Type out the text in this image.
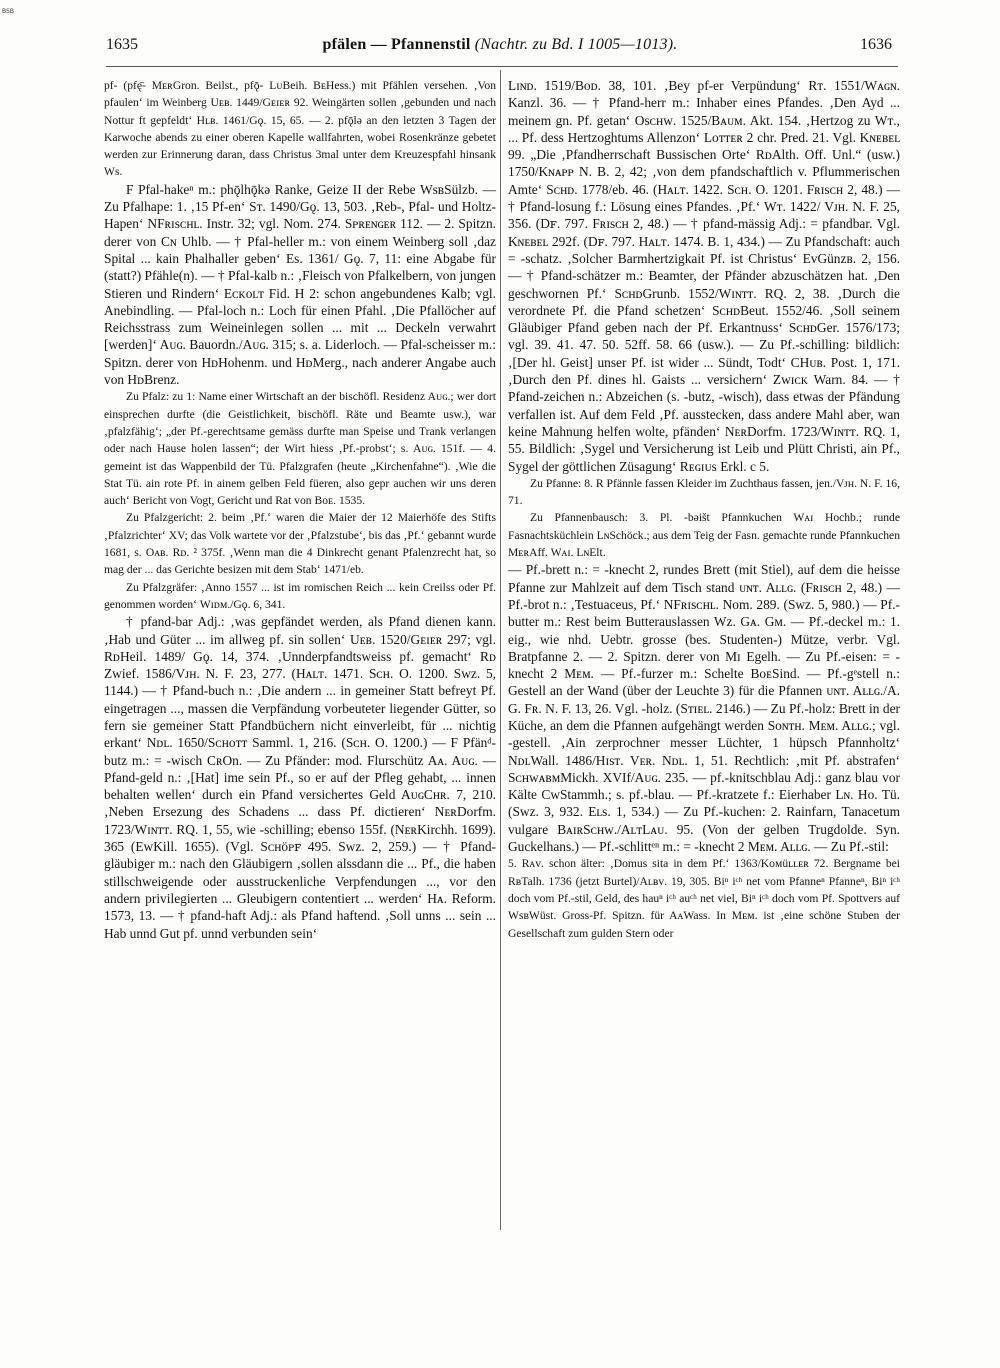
BSB
1635	pfälen — Pfannenstil (Nachtr. zu Bd. I 1005—1013).	1636

pf- (pfę̄- MᴇʀGron. Beilst., pfǭ- LᴜBeih. BᴇHess.) mit Pfählen versehen. ‚Von pfaulen‘ im Weinberg Uᴇʙ. 1449/Gᴇɪᴇʀ 92. Weingärten sollen ‚gebunden und nach Nottur ft gepfeldt‘ Hʟʙ. 1461/Gǫ. 15, 65. — 2. pfǭlə an den letzten 3 Tagen der Karwoche abends zu einer oberen Kapelle wallfahrten, wobei Rosenkränze gebetet werden zur Erinnerung daran, dass Christus 3mal unter dem Kreuzespfahl hinsank Ws.

F Pfal-hakeⁿ m.: phǭlhǭkə Ranke, Geize II der Rebe WsʙSülzb. — Zu Pfalhape: 1. ‚15 Pf-en‘ Sᴛ. 1490/Gǫ. 13, 503. ‚Reb-, Pfal- und Holtz-Hapen‘ NFʀɪsᴄʜʟ. Instr. 32; vgl. Nom. 274. Sᴘʀᴇɴɢᴇʀ 112. — 2. Spitzn. derer von Cɴ Uhlb. — † Pfal-heller m.: von einem Weinberg soll ‚daz Spital ... kain Phalhaller geben‘ Es. 1361/ Gǫ. 7, 11: eine Abgabe für (statt?) Pfähle(n). — † Pfal-kalb n.: ‚Fleisch von Pfalkelbern, von jungen Stieren und Rindern‘ Eᴄᴋᴏʟᴛ Fid. H 2: schon angebundenes Kalb; vgl. Anebindling. — Pfal-loch n.: Loch für einen Pfahl. ‚Die Pfallöcher auf Reichsstrass zum Weineinlegen sollen ... mit ... Deckeln verwahrt [werden]‘ Aᴜɢ. Bauordn./Aᴜɢ. 315; s. a. Liderloch. — Pfal-scheisser m.: Spitzn. derer von HᴅHohenm. und HᴅMerg., nach anderer Angabe auch von HᴅBrenz.

Zu Pfalz: zu 1: Name einer Wirtschaft an der bischöfl. Residenz Aᴜɢ.; wer dort einsprechen durfte (die Geistlichkeit, bischöfl. Räte und Beamte usw.), war ‚pfalzfähig‘; „der Pf.-gerechtsame gemäss durfte man Speise und Trank verlangen oder nach Hause holen lassen“; der Wirt hiess ‚Pf.-probst‘; s. Aᴜɢ. 151f. — 4. gemeint ist das Wappenbild der Tü. Pfalzgrafen (heute „Kirchenfahne“). ‚Wie die Stat Tü. ain rote Pf. in ainem gelben Feld füeren, also gepr auchen wir uns deren auch‘ Bericht von Vogt, Gericht und Rat von Bᴏᴇ. 1535.

Zu Pfalzgericht: 2. beim ‚Pf.‘ waren die Maier der 12 Maierhöfe des Stifts ‚Pfalzrichter‘ XV; das Volk wartete vor der ‚Pfalzstube‘, bis das ‚Pf.‘ gebannt wurde 1681, s. Oᴀʙ. Rᴅ. ² 375f. ‚Wenn man die 4 Dinkrecht genant Pfalenzrecht hat, so mag der ... das Gerichte besizen mit dem Stab‘ 1471/eb.

Zu Pfalzgräfer: ‚Anno 1557 ... ist im romischen Reich ... kein Creilss oder Pf. genommen worden‘ Wɪᴅᴍ./Gǫ. 6, 341.

† pfand-bar Adj.: ‚was gepfändet werden, als Pfand dienen kann. ‚Hab und Güter ... im allweg pf. sin sollen‘ Uᴇʙ. 1520/Gᴇɪᴇʀ 297; vgl. RᴅHeil. 1489/ Gǫ. 14, 374. ‚Unnderpfandtsweiss pf. gemacht‘ Rᴅ Zwief. 1586/Vᴊʜ. N. F. 23, 277. (Hᴀʟᴛ. 1471. Sᴄʜ. O. 1200. Swz. 5, 1144.) — † Pfand-buch n.: ‚Die andern ... in gemeiner Statt befreyt Pf. eingetragen ..., massen die Verpfändung vorbeuteter liegender Gütter, so fern sie gemeiner Statt Pfandbüchern nicht einverleibt, für ... nichtig erkant‘ Nᴅʟ. 1650/Sᴄʜᴏᴛᴛ Samml. 1, 216. (Sᴄʜ. O. 1200.) — F Pfänᵈ-butz m.: = -wisch CʀOn. — Zu Pfänder: mod. Flurschütz Aᴀ. Aᴜɢ. — Pfand-geld n.: ‚[Hat] ime sein Pf., so er auf der Pfleg gehabt, ... innen behalten wellen‘ durch ein Pfand versichertes Geld AᴜɢCʜʀ. 7, 210. ‚Neben Ersezung des Schadens ... dass Pf. dictieren‘ NᴇʀDorfm. 1723/Wɪɴᴛᴛ. RQ. 1, 55, wie -schilling; ebenso 155f. (NᴇʀKirchh. 1699). 365 (EwKill. 1655). (Vgl. Sᴄʜöᴘꜰ 495. Swz. 2, 259.) — † Pfand-gläubiger m.: nach den Gläubigern ‚sollen alssdann die ... Pf., die haben stillschweigende oder ausstruckenliche Verpfendungen ..., vor den andern privilegierten ... Gleubigern contentiert ... werden‘ Hᴀ. Reform. 1573, 13. — † pfand-haft Adj.: als Pfand haftend. ‚Soll unns ... sein ... Hab unnd Gut pf. unnd verbunden sein‘

Lɪɴᴅ. 1519/Bᴏᴅ. 38, 101. ‚Bey pf-er Verpündung‘ Rᴛ. 1551/Wᴀɢɴ. Kanzl. 36. — † Pfand-herr m.: Inhaber eines Pfandes. ‚Den Ayd ... meinem gn. Pf. getan‘ Osᴄʜᴡ. 1525/Bᴀᴜᴍ. Akt. 154. ‚Hertzog zu Wᴛ., ... Pf. dess Hertzoghtums Allenzon‘ Lᴏᴛᴛᴇʀ 2 chr. Pred. 21. Vgl. Kɴᴇʙᴇʟ 99. „Die ‚Pfandherrschaft Bussischen Orte‘ RᴅAlth. Off. Unl.“ (usw.) 1750/Kɴᴀᴘᴘ N. B. 2, 42; ‚von dem pfandschaftlich v. Pflummerischen Amte‘ Sᴄʜᴅ. 1778/eb. 46. (Hᴀʟᴛ. 1422. Sᴄʜ. O. 1201. Fʀɪsᴄʜ 2, 48.) — † Pfand-losung f.: Lösung eines Pfandes. ‚Pf.‘ Wᴛ. 1422/ Vᴊʜ. N. F. 25, 356. (Dꜰ. 797. Fʀɪsᴄʜ 2, 48.) — † pfand-mässig Adj.: = pfandbar. Vgl. Kɴᴇʙᴇʟ 292f. (Dꜰ. 797. Hᴀʟᴛ. 1474. B. 1, 434.) — Zu Pfandschaft: auch = -schatz. ‚Solcher Barmhertzigkait Pf. ist Christus‘ EᴠGünzʙ. 2, 156. — † Pfand-schätzer m.: Beamter, der Pfänder abzuschätzen hat. ‚Den geschwornen Pf.‘ SᴄʜᴅGrunb. 1552/Wɪɴᴛᴛ. RQ. 2, 38. ‚Durch die verordnete Pf. die Pfand schetzen‘ SᴄʜᴅBeut. 1552/46. ‚Soll seinem Gläubiger Pfand geben nach der Pf. Erkantnuss‘ SᴄʜᴅGer. 1576/173; vgl. 39. 41. 47. 50. 52ff. 58. 66 (usw.). — Zu Pf.-schilling: bildlich: ‚[Der hl. Geist] unser Pf. ist wider ... Sündt, Todt‘ CHᴜʙ. Post. 1, 171. ‚Durch den Pf. dines hl. Gaists ... versichern‘ Zᴡɪᴄᴋ Warn. 84. — † Pfand-zeichen n.: Abzeichen (s. -butz, -wisch), dass etwas der Pfändung verfallen ist. Auf dem Feld ‚Pf. ausstecken, dass andere Mahl aber, wan keine Mahnung helfen wolte, pfänden‘ NᴇʀDorfm. 1723/Wɪɴᴛᴛ. RQ. 1, 55. Bildlich: ‚Sygel und Versicherung ist Leib und Plütt Christi, ain Pf., Sygel der göttlichen Züsagung‘ Rᴇɢɪᴜs Erkl. c 5.

Zu Pfanne: 8. R Pfännle fassen Kleider im Zuchthaus fassen, jen./Vᴊʜ. N. F. 16, 71.

Zu Pfannenbausch: 3. Pl. -bəišt Pfannkuchen Wᴀɪ Hochb.; runde Fasnachtsküchlein LɴSchöck.; aus dem Teig der Fasn. gemachte runde Pfannkuchen MᴇʀAff. Wᴀɪ. LɴElt.

— Pf.-brett n.: = -knecht 2, rundes Brett (mit Stiel), auf dem die heisse Pfanne zur Mahlzeit auf dem Tisch stand ᴜɴᴛ. Aʟʟɢ. (Fʀɪsᴄʜ 2, 48.) — Pf.-brot n.: ‚Testuaceus, Pf.‘ NFʀɪsᴄʜʟ. Nom. 289. (Swz. 5, 980.) — Pf.-butter m.: Rest beim Butterauslassen Wz. Gᴀ. Gᴍ. — Pf.-deckel m.: 1. eig., wie nhd. Uebtr. grosse (bes. Studenten-) Mütze, verbr. Vgl. Bratpfanne 2. — 2. Spitzn. derer von Mɪ Egelh. — Zu Pf.-eisen: = -knecht 2 Mᴇᴍ. — Pf.-furzer m.: Schelte BᴏᴇSind. — Pf.-gᵉstell n.: Gestell an der Wand (über der Leuchte 3) für die Pfannen ᴜɴᴛ. Aʟʟɢ./A. G. Fʀ. N. F. 13, 26. Vgl. -holz. (Sᴛɪᴇʟ. 2146.) — Zu Pf.-holz: Brett in der Küche, an dem die Pfannen aufgehängt werden Sᴏɴᴛʜ. Mᴇᴍ. Aʟʟɢ.; vgl. -gestell. ‚Ain zerprochner messer Lüchter, 1 hüpsch Pfannholtz‘ NᴅʟWall. 1486/Hɪsᴛ. Vᴇʀ. Nᴅʟ. 1, 51. Rechtlich: ‚mit Pf. abstrafen‘ SᴄʜᴡᴀʙᴍMickh. XVIf/Aᴜɢ. 235. — pf.-knitschblau Adj.: ganz blau vor Kälte CwStammh.; s. pf.-blau. — Pf.-kratzete f.: Eierhaber Lɴ. Ho. Tü. (Swz. 3, 932. Eʟs. 1, 534.) — Zu Pf.-kuchen: 2. Rainfarn, Tanacetum vulgare BᴀɪʀSᴄʜᴡ./AʟᴛLᴀᴜ. 95. (Von der gelben Trugdolde. Syn. Guckelhans.) — Pf.-schlittᵉⁿ m.: = -knecht 2 Mᴇᴍ. Aʟʟɢ. — Zu Pf.-stil:

5. Rᴀᴠ. schon älter: ‚Domus sita in dem Pf.‘ 1363/Kᴏᴍüʟʟᴇʀ 72. Bergname bei RʙTalh. 1736 (jetzt Burtel)/Aʟʙᴠ. 19, 305. Biⁿ iᶜʰ net vom Pfanneⁿ Pfanneⁿ, Biⁿ iᶜʰ doch vom Pf.-stil, Geld, des hauⁿ iᶜʰ auᶜʰ net viel, Biⁿ iᶜʰ doch vom Pf. Spottvers auf WsʙWüst. Gross-Pf. Spitzn. für AᴀWass. In Mᴇᴍ. ist ‚eine schöne Stuben der Gesellschaft zum gulden Stern oder
